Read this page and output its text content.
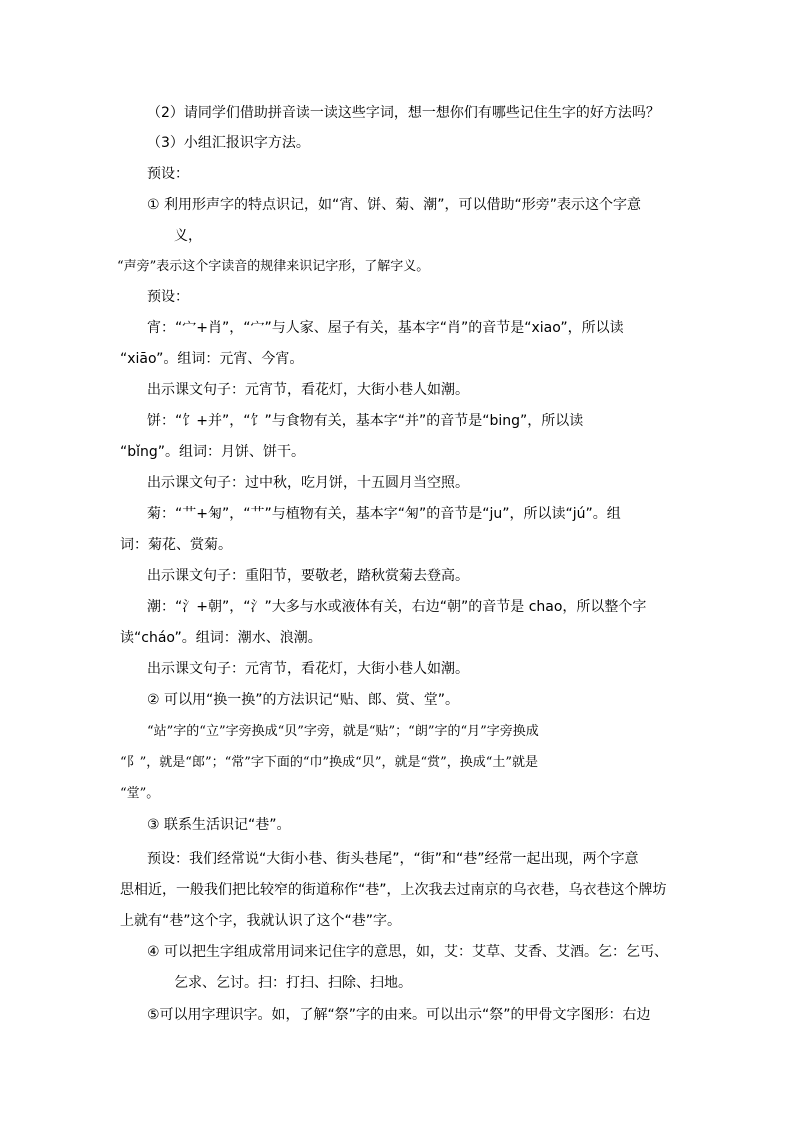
（2）请同学们借助拼音读一读这些字词，想一想你们有哪些记住生字的好方法吗？
（3）小组汇报识字方法。
预设：
① 利用形声字的特点识记，如“宵、饼、菊、潮”，可以借助“形旁”表示这个字意
义，
“声旁”表示这个字读音的规律来识记字形，了解字义。
预设：
宵：“宀+肖”，“宀”与人家、屋子有关，基本字“肖”的音节是“xiao”，所以读
“xiāo”。组词：元宵、今宵。
出示课文句子：元宵节，看花灯，大街小巷人如潮。
饼：“饣+并”，“饣”与食物有关，基本字“并”的音节是“bing”，所以读
“bǐng”。组词：月饼、饼干。
出示课文句子：过中秋，吃月饼，十五圆月当空照。
菊：“艹+匊”，“艹”与植物有关，基本字“匊”的音节是“ju”，所以读“jú”。组
词：菊花、赏菊。
出示课文句子：重阳节，要敬老，踏秋赏菊去登高。
潮：“氵+朝”，“氵”大多与水或液体有关，右边“朝”的音节是 chao，所以整个字
读“cháo”。组词：潮水、浪潮。
出示课文句子：元宵节，看花灯，大街小巷人如潮。
② 可以用“换一换”的方法识记“贴、郎、赏、堂”。
“站”字的“立”字旁换成“贝”字旁，就是“贴”；“朗”字的“月”字旁换成
“阝”，就是“郎”；“常”字下面的“巾”换成“贝”，就是“赏”，换成“土”就是
“堂”。
③ 联系生活识记“巷”。
预设：我们经常说“大街小巷、街头巷尾”，“街”和“巷”经常一起出现，两个字意
思相近，一般我们把比较窄的街道称作“巷”，上次我去过南京的乌衣巷，乌衣巷这个牌坊
上就有“巷”这个字，我就认识了这个“巷”字。
④ 可以把生字组成常用词来记住字的意思，如，艾：艾草、艾香、艾酒。乞：乞丐、
乞求、乞讨。扫：打扫、扫除、扫地。
⑤可以用字理识字。如，了解“祭”字的由来。可以出示“祭”的甲骨文字图形：右边
